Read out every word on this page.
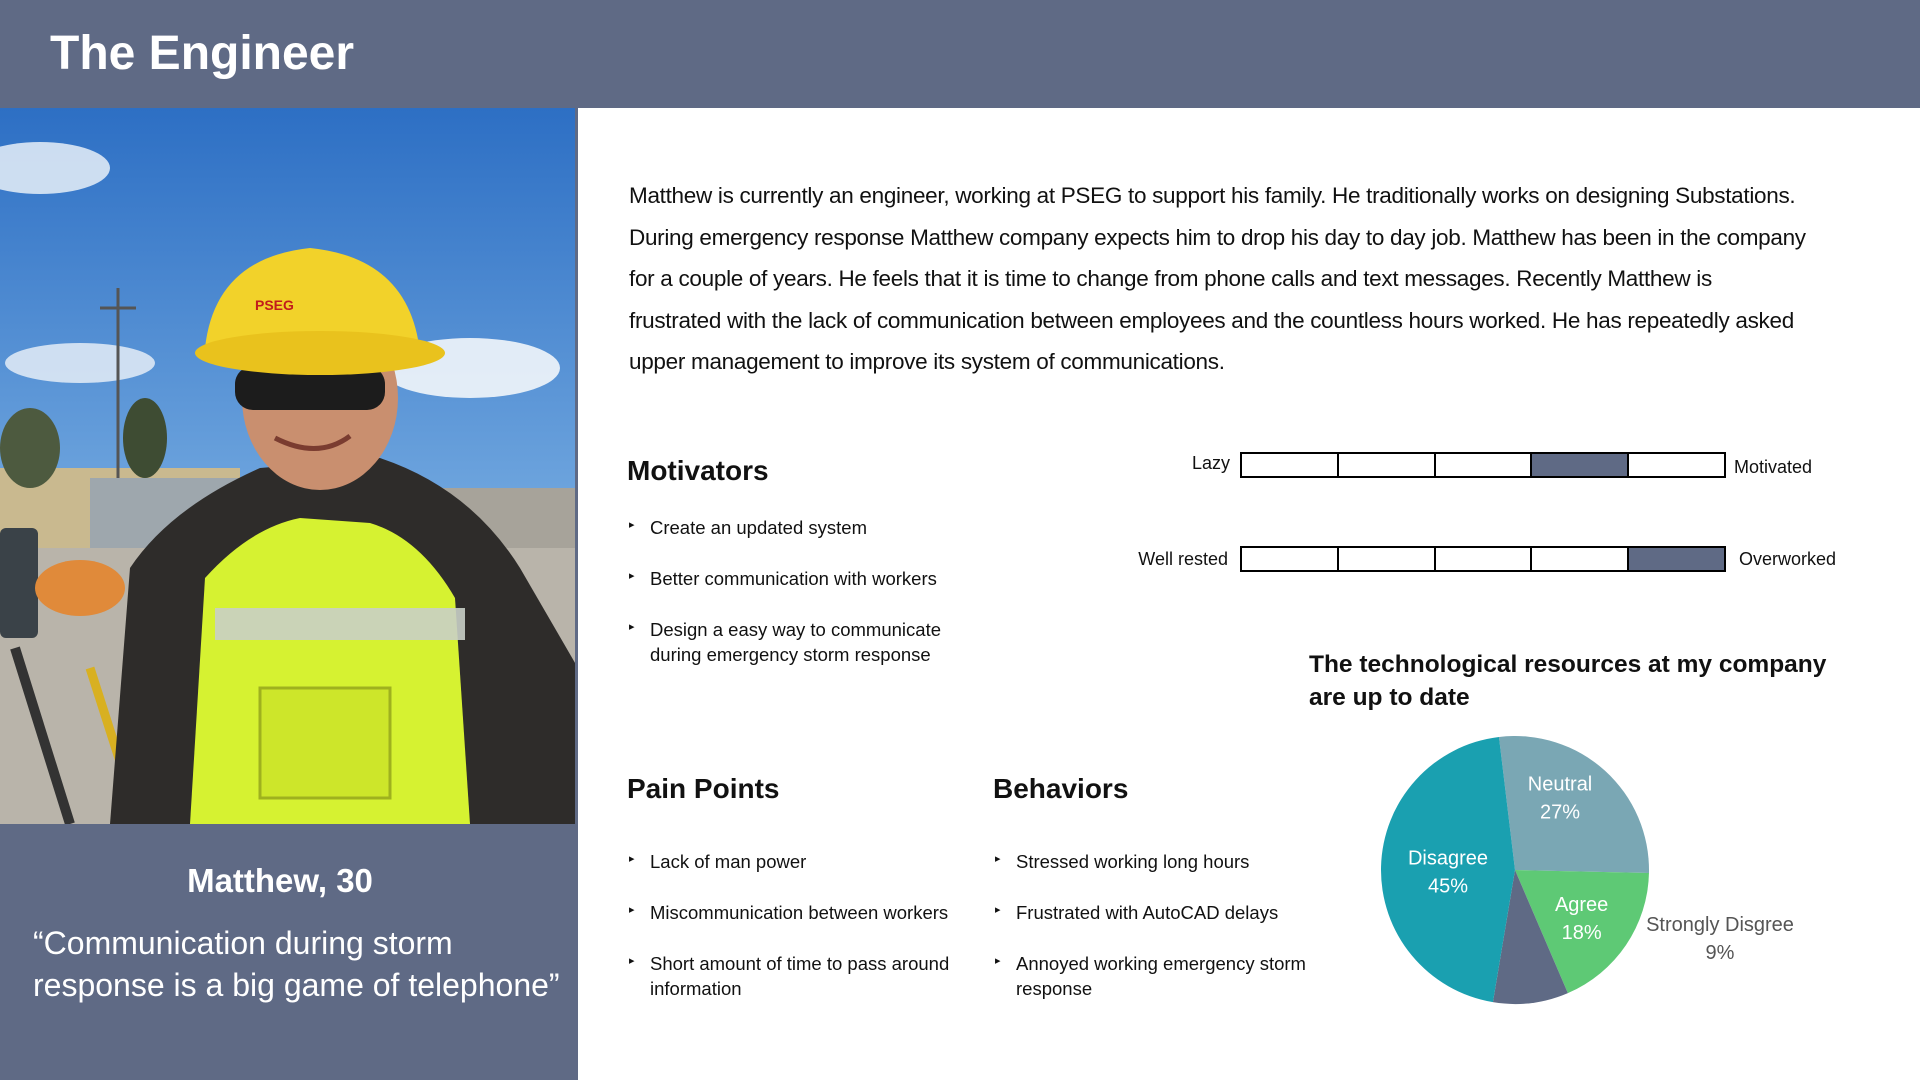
The Engineer
PSEG
Matthew, 30
“Communication during storm response is a big game of telephone”

Matthew is currently an engineer, working at PSEG to support his family. He traditionally works on designing Substations. During emergency response Matthew company expects him to drop his day to day job. Matthew has been in the company for a couple of years. He feels that it is time to change from phone calls and text messages. Recently Matthew is frustrated with the lack of communication between employees and the countless hours worked. He has repeatedly asked upper management to improve its system of communications.

Motivators
▸ Create an updated system
▸ Better communication with workers
▸ Design a easy way to communicate during emergency storm response
Pain Points
▸ Lack of man power
▸ Miscommunication between workers
▸ Short amount of time to pass around information
Behaviors
▸ Stressed working long hours
▸ Frustrated with AutoCAD delays
▸ Annoyed working emergency storm response
Lazy	Motivated
Well rested	Overworked
The technological resources at my company are up to date
Neutral
27%
Agree
18% Strongly Disgree
9%
Disagree
45%
